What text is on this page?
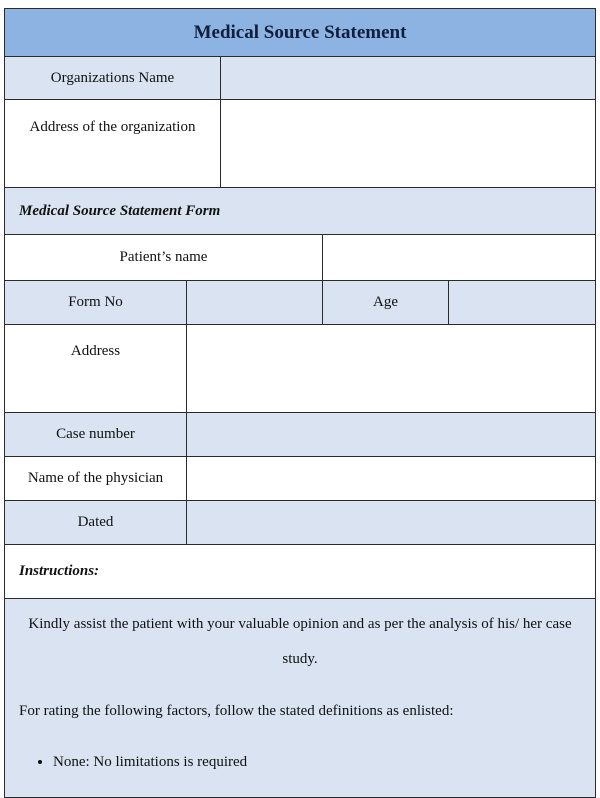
Medical Source Statement
Organizations Name
Address of the organization
Medical Source Statement Form
Patient’s name
Form No	Age
Address
Case number
Name of the physician
Dated
Instructions:
Kindly assist the patient with your valuable opinion and as per the analysis of his/ her case
study.
For rating the following factors, follow the stated definitions as enlisted:
• None: No limitations is required
